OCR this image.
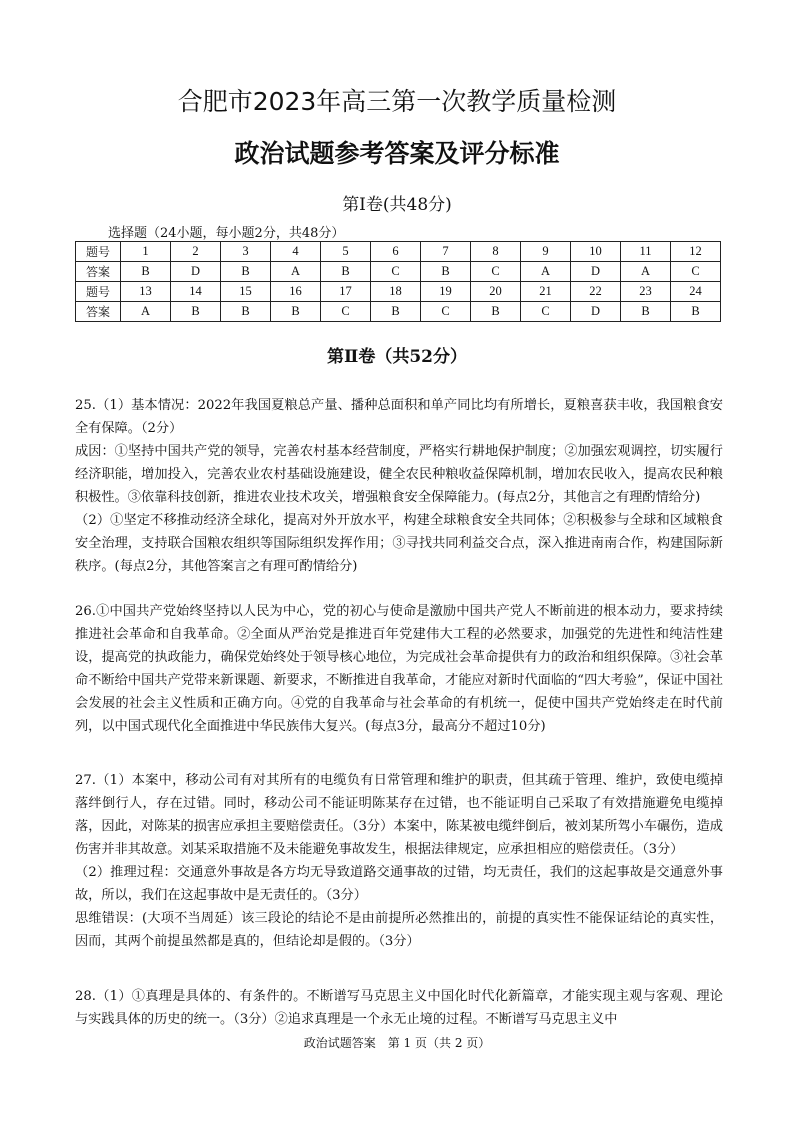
合肥市2023年高三第一次教学质量检测
政治试题参考答案及评分标准
第Ⅰ卷(共48分)
选择题（24小题，每小题2分，共48分）
题号	1	2	3	4	5	6	7	8	9	10	11	12
答案	B	D	B	A	B	C	B	C	A	D	A	C
题号	13	14	15	16	17	18	19	20	21	22	23	24
答案	A	B	B	B	C	B	C	B	C	D	B	B
第Ⅱ卷（共52分）

25.（1）基本情况：2022年我国夏粮总产量、播种总面积和单产同比均有所增长，夏粮喜获丰收，我国粮食安全有保障。（2分）

成因：①坚持中国共产党的领导，完善农村基本经营制度，严格实行耕地保护制度；②加强宏观调控，切实履行经济职能，增加投入，完善农业农村基础设施建设，健全农民种粮收益保障机制，增加农民收入，提高农民种粮积极性。③依靠科技创新，推进农业技术攻关，增强粮食安全保障能力。(每点2分，其他言之有理酌情给分)

（2）①坚定不移推动经济全球化，提高对外开放水平，构建全球粮食安全共同体；②积极参与全球和区域粮食安全治理，支持联合国粮农组织等国际组织发挥作用；③寻找共同利益交合点，深入推进南南合作，构建国际新秩序。(每点2分，其他答案言之有理可酌情给分)

26.①中国共产党始终坚持以人民为中心，党的初心与使命是激励中国共产党人不断前进的根本动力，要求持续推进社会革命和自我革命。②全面从严治党是推进百年党建伟大工程的必然要求，加强党的先进性和纯洁性建设，提高党的执政能力，确保党始终处于领导核心地位，为完成社会革命提供有力的政治和组织保障。③社会革命不断给中国共产党带来新课题、新要求，不断推进自我革命，才能应对新时代面临的“四大考验”，保证中国社会发展的社会主义性质和正确方向。④党的自我革命与社会革命的有机统一，促使中国共产党始终走在时代前列，以中国式现代化全面推进中华民族伟大复兴。(每点3分，最高分不超过10分)

27.（1）本案中，移动公司有对其所有的电缆负有日常管理和维护的职责，但其疏于管理、维护，致使电缆掉落绊倒行人，存在过错。同时，移动公司不能证明陈某存在过错，也不能证明自己采取了有效措施避免电缆掉落，因此，对陈某的损害应承担主要赔偿责任。（3分）本案中，陈某被电缆绊倒后，被刘某所驾小车碾伤，造成伤害并非其故意。刘某采取措施不及未能避免事故发生，根据法律规定，应承担相应的赔偿责任。（3分）

（2）推理过程：交通意外事故是各方均无导致道路交通事故的过错，均无责任，我们的这起事故是交通意外事故，所以，我们在这起事故中是无责任的。（3分）

思维错误：(大项不当周延）该三段论的结论不是由前提所必然推出的，前提的真实性不能保证结论的真实性，因而，其两个前提虽然都是真的，但结论却是假的。（3分）

28.（1）①真理是具体的、有条件的。不断谱写马克思主义中国化时代化新篇章，才能实现主观与客观、理论与实践具体的历史的统一。（3分）②追求真理是一个永无止境的过程。不断谱写马克思主义中

政治试题答案　第 1 页（共 2 页）
